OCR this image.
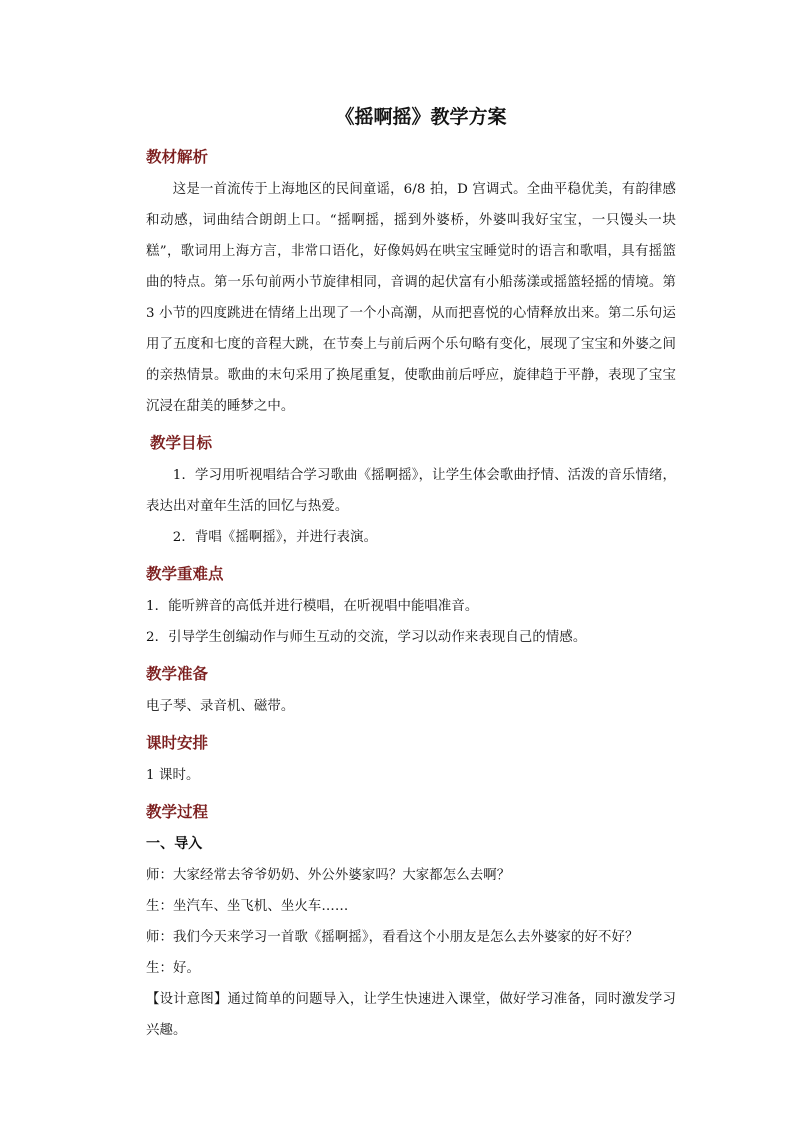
《摇啊摇》教学方案
教材解析

这是一首流传于上海地区的民间童谣，6/8 拍，D 宫调式。全曲平稳优美，有韵律感和动感，词曲结合朗朗上口。“摇啊摇，摇到外婆桥，外婆叫我好宝宝，一只馒头一块糕”，歌词用上海方言，非常口语化，好像妈妈在哄宝宝睡觉时的语言和歌唱，具有摇篮曲的特点。第一乐句前两小节旋律相同，音调的起伏富有小船荡漾或摇篮轻摇的情境。第 3 小节的四度跳进在情绪上出现了一个小高潮，从而把喜悦的心情释放出来。第二乐句运用了五度和七度的音程大跳，在节奏上与前后两个乐句略有变化，展现了宝宝和外婆之间的亲热情景。歌曲的末句采用了换尾重复，使歌曲前后呼应，旋律趋于平静，表现了宝宝沉浸在甜美的睡梦之中。

教学目标

1．学习用听视唱结合学习歌曲《摇啊摇》，让学生体会歌曲抒情、活泼的音乐情绪，表达出对童年生活的回忆与热爱。

2．背唱《摇啊摇》，并进行表演。

教学重难点

1．能听辨音的高低并进行模唱，在听视唱中能唱准音。

2．引导学生创编动作与师生互动的交流，学习以动作来表现自己的情感。

教学准备

电子琴、录音机、磁带。

课时安排

1 课时。

教学过程

一、导入

师：大家经常去爷爷奶奶、外公外婆家吗？大家都怎么去啊？

生：坐汽车、坐飞机、坐火车……

师：我们今天来学习一首歌《摇啊摇》，看看这个小朋友是怎么去外婆家的好不好？

生：好。

【设计意图】通过简单的问题导入，让学生快速进入课堂，做好学习准备，同时激发学习兴趣。
